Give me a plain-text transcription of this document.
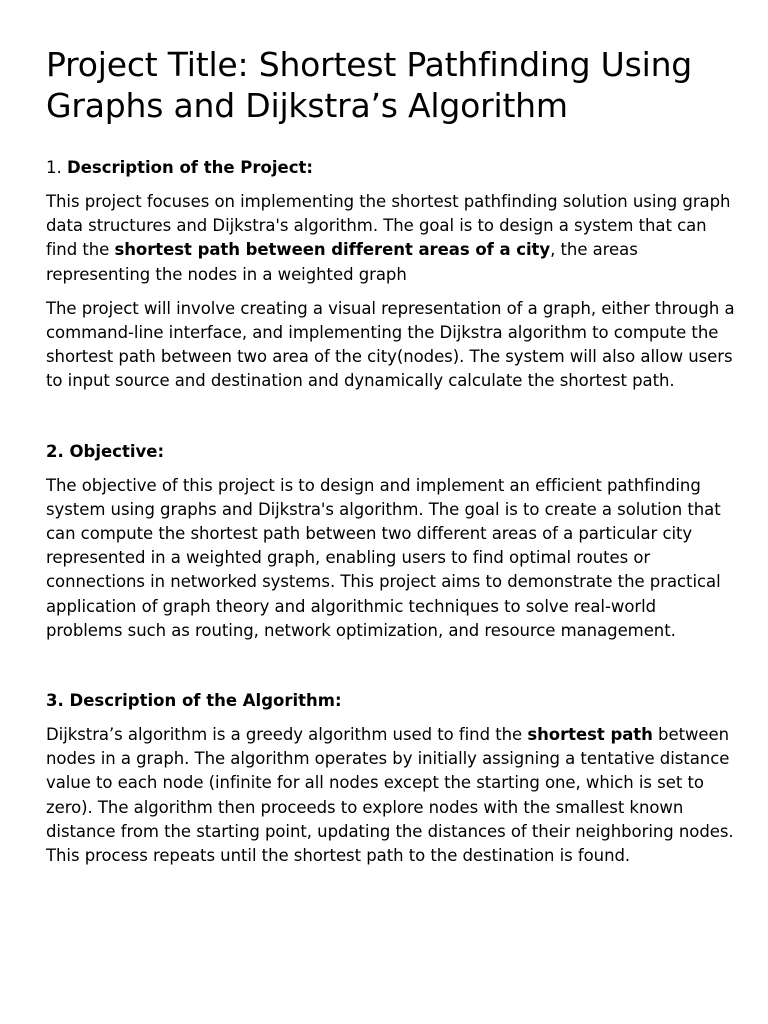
Project Title: Shortest Pathfinding Using Graphs and Dijkstra’s Algorithm
1. Description of the Project:

This project focuses on implementing the shortest pathfinding solution using graph data structures and Dijkstra's algorithm. The goal is to design a system that can find the shortest path between different areas of a city, the areas representing the nodes in a weighted graph

The project will involve creating a visual representation of a graph, either through a command-line interface, and implementing the Dijkstra algorithm to compute the shortest path between two area of the city(nodes). The system will also allow users to input source and destination and dynamically calculate the shortest path.

2. Objective:

The objective of this project is to design and implement an efficient pathfinding system using graphs and Dijkstra's algorithm. The goal is to create a solution that can compute the shortest path between two different areas of a particular city represented in a weighted graph, enabling users to find optimal routes or connections in networked systems. This project aims to demonstrate the practical application of graph theory and algorithmic techniques to solve real-world problems such as routing, network optimization, and resource management.

3. Description of the Algorithm:

Dijkstra’s algorithm is a greedy algorithm used to find the shortest path between nodes in a graph. The algorithm operates by initially assigning a tentative distance value to each node (infinite for all nodes except the starting one, which is set to zero). The algorithm then proceeds to explore nodes with the smallest known distance from the starting point, updating the distances of their neighboring nodes. This process repeats until the shortest path to the destination is found.
